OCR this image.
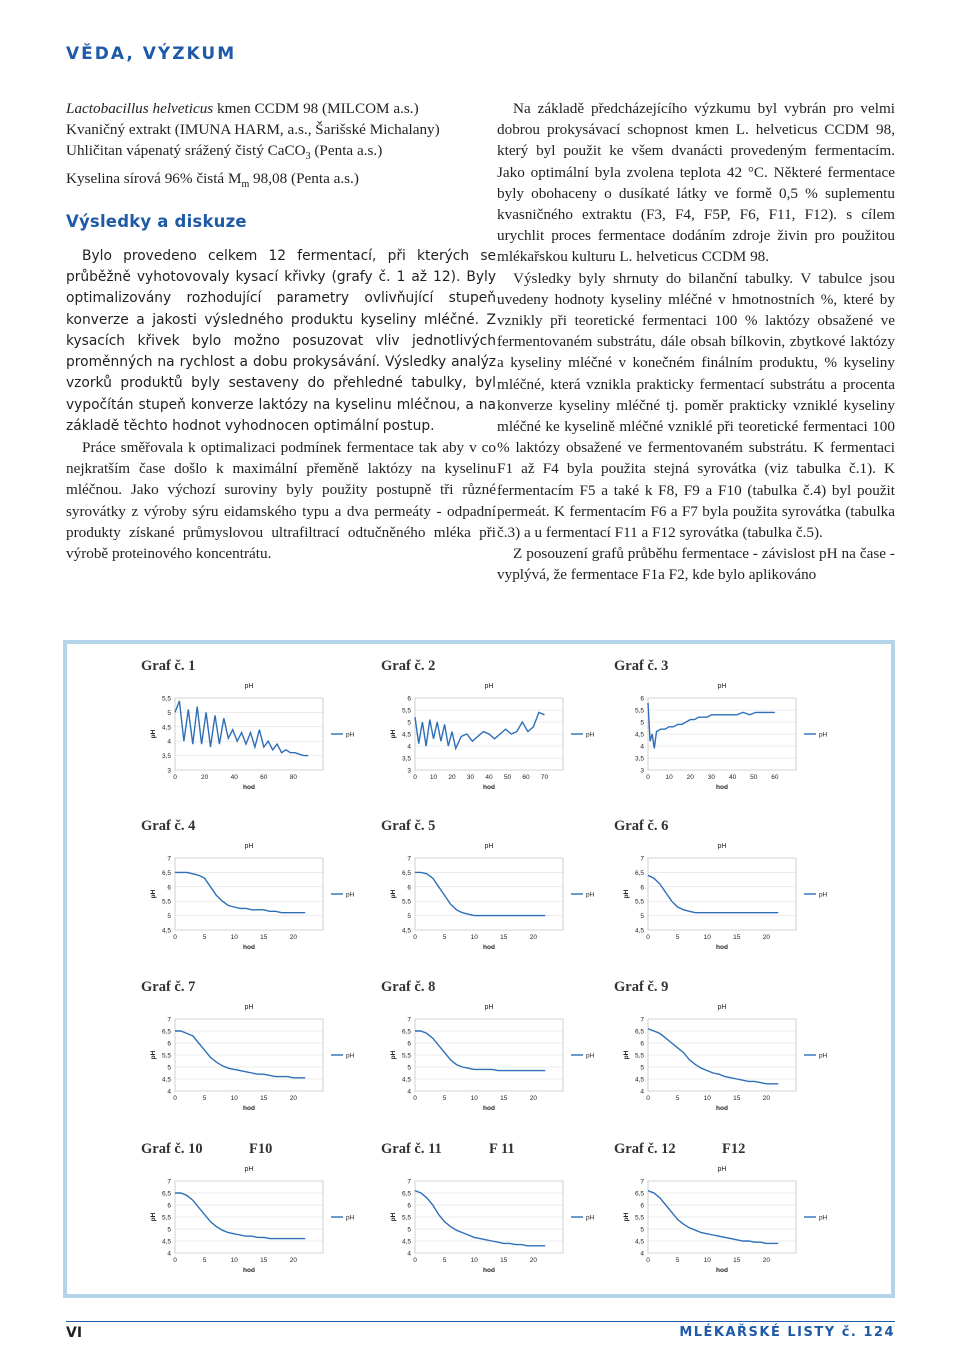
VĚDA, VÝZKUM

Lactobacillus helveticus kmen CCDM 98 (MILCOM a.s.)

Kvaničný extrakt (IMUNA HARM, a.s., Šarišské Michalany)

Uhličitan vápenatý srážený čistý CaCO$_3$ (Penta a.s.)

Kyselina sírová 96% čistá $M_m$ 98,08 (Penta a.s.)

Výsledky a diskuze

Bylo provedeno celkem 12 fermentací, při kterých se průběžně vyhotovovaly kysací křivky (grafy č. 1 až 12). Byly optimalizovány rozhodující parametry ovlivňující stupeň konverze a jakosti výsledného produktu kyseliny mléčné. Z kysacích křivek bylo možno posuzovat vliv jednotlivých proměnných na rychlost a dobu prokysávání. Výsledky analýz vzorků produktů byly sestaveny do přehledné tabulky, byl vypočítán stupeň konverze laktózy na kyselinu mléčnou, a na základě těchto hodnot vyhodnocen optimální postup.

Práce směřovala k optimalizaci podmínek fermentace tak aby v co nejkratším čase došlo k maximální přeměně laktózy na kyselinu mléčnou. Jako výchozí suroviny byly použity postupně tři různé syrovátky z výroby sýru eidamského typu a dva permeáty - odpadní produkty získané průmyslovou ultrafiltrací odtučněného mléka při výrobě proteinového koncentrátu.

Na základě předcházejícího výzkumu byl vybrán pro velmi dobrou prokysávací schopnost kmen L. helveticus CCDM 98, který byl použit ke všem dvanácti provedeným fermentacím. Jako optimální byla zvolena teplota 42 °C. Některé fermentace byly obohaceny o dusíkaté látky ve formě 0,5 % suplementu kvasničného extraktu (F3, F4, F5P, F6, F11, F12). s cílem urychlit proces fermentace dodáním zdroje živin pro použitou mlékařskou kulturu L. helveticus CCDM 98.

Výsledky byly shrnuty do bilanční tabulky. V tabulce jsou uvedeny hodnoty kyseliny mléčné v hmotnostních %, které by vznikly při teoretické fermentaci 100 % laktózy obsažené ve fermentovaném substrátu, dále obsah bílkovin, zbytkové laktózy a kyseliny mléčné v konečném finálním produktu, % kyseliny mléčné, která vznikla prakticky fermentací substrátu a procenta konverze kyseliny mléčné tj. poměr prakticky vzniklé kyseliny mléčné ke kyselině mléčné vzniklé při teoretické fermentaci 100 % laktózy obsažené ve fermentovaném substrátu. K fermentaci F1 až F4 byla použita stejná syrovátka (viz tabulka č.1). K fermentacím F5 a také k F8, F9 a F10 (tabulka č.4) byl použit permeát. K fermentacím F6 a F7 byla použita syrovátka (tabulka č.3) a u fermentací F11 a F12 syrovátka (tabulka č.5).

Z posouzení grafů průběhu fermentace - závislost pH na čase - vyplývá, že fermentace F1a F2, kde bylo aplikováno

Graf č. 1
pH
3
3,5
4
4,5
5
5,5
0	20	40	60	80
hod
pH	pH
Graf č. 2
pH
3
3,5
4
4,5
5
5,5
6
0 10 20 30 40 50 60 70
hod
pH	pH
Graf č. 3
pH
3
3,5
4
4,5
5
5,5
6
0 10 20 30 40 50 60
hod
pH
Graf č. 4
pH
4,5
5
5,5
6
6,5
7
0	5	10	15	20
hod
pH	pH
Graf č. 5
pH
4,5
5
5,5
6
6,5
7
0	5	10	15	20
hod
pH	pH
Graf č. 6
pH
4,5
5
5,5
6
6,5
7
0	5	10	15	20
hod
pH	pH
Graf č. 7
pH
4
4,5
5
5,5
6
6,5
7
0	5	10	15	20
hod
pH	pH
Graf č. 8
pH
4
4,5
5
5,5
6
6,5
7
0	5	10	15	20
hod
pH	pH
Graf č. 9
pH
4
4,5
5
5,5
6
6,5
7
0	5	10	15	20
hod
pH	pH
Graf č. 10	F10
pH
4
4,5
5
5,5
6
6,5
7
0	5	10	15	20
hod
pH	pH
Graf č. 11	F 11
4
4,5
5
5,5
6
6,5
7
0	5	10	15	20
hod
pH	pH
Graf č. 12	F12
pH
4
4,5
5
5,5
6
6,5
7
0	5	10	15	20
hod
pH	pH
VI	MLÉKAŘSKÉ LISTY č. 124
